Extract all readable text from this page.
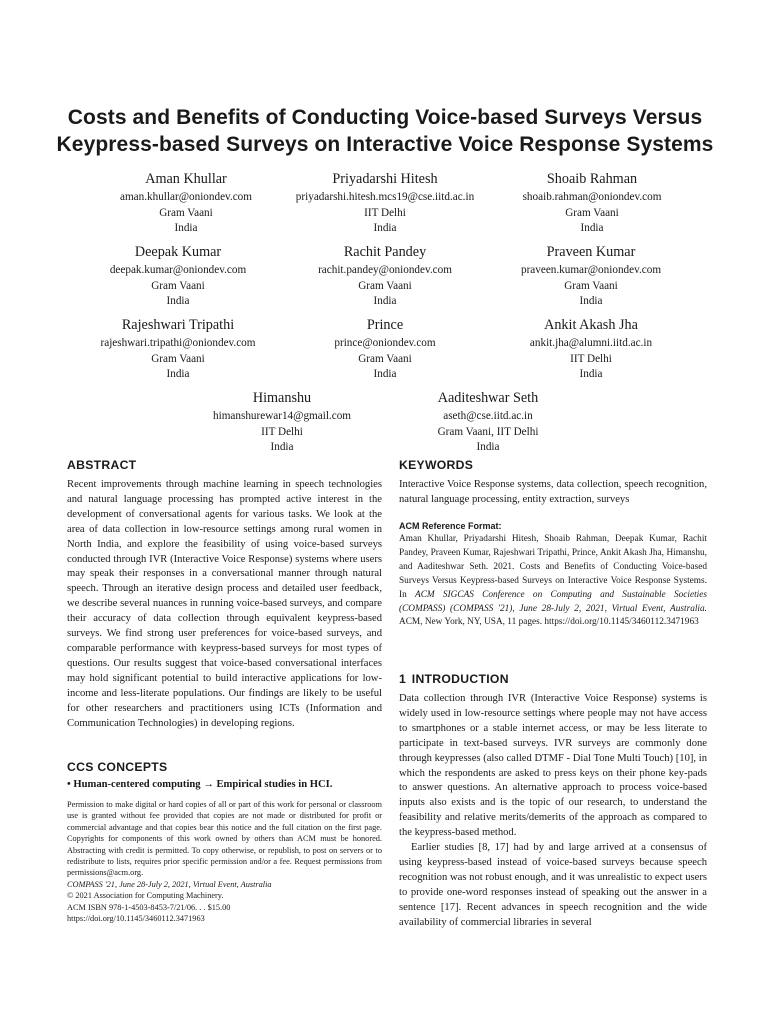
Costs and Benefits of Conducting Voice-based Surveys Versus
Keypress-based Surveys on Interactive Voice Response Systems
Aman Khullar
aman.khullar@oniondev.com
Gram Vaani
India
Priyadarshi Hitesh
priyadarshi.hitesh.mcs19@cse.iitd.ac.in
IIT Delhi
India
Shoaib Rahman
shoaib.rahman@oniondev.com
Gram Vaani
India
Deepak Kumar
deepak.kumar@oniondev.com
Gram Vaani
India
Rachit Pandey
rachit.pandey@oniondev.com
Gram Vaani
India
Praveen Kumar
praveen.kumar@oniondev.com
Gram Vaani
India
Rajeshwari Tripathi
rajeshwari.tripathi@oniondev.com
Gram Vaani
India
Prince
prince@oniondev.com
Gram Vaani
India
Ankit Akash Jha
ankit.jha@alumni.iitd.ac.in
IIT Delhi
India
Himanshu
himanshurewar14@gmail.com
IIT Delhi
India
Aaditeshwar Seth
aseth@cse.iitd.ac.in
Gram Vaani, IIT Delhi
India
ABSTRACT

Recent improvements through machine learning in speech technologies and natural language processing has prompted active interest in the development of conversational agents for various tasks. We look at the area of data collection in low-resource settings among rural women in North India, and explore the feasibility of using voice-based surveys conducted through IVR (Interactive Voice Response) systems where users may speak their responses in a conversational manner through natural speech. Through an iterative design process and detailed user feedback, we describe several nuances in running voice-based surveys, and compare their accuracy of data collection through equivalent keypress-based surveys. We find strong user preferences for voice-based surveys, and comparable performance with keypress-based surveys for most types of questions. Our results suggest that voice-based conversational interfaces may hold significant potential to build interactive applications for low-income and less-literate populations. Our findings are likely to be useful for other researchers and practitioners using ICTs (Information and Communication Technologies) in developing regions.

CCS CONCEPTS
• Human-centered computing → Empirical studies in HCI.

Permission to make digital or hard copies of all or part of this work for personal or classroom use is granted without fee provided that copies are not made or distributed for profit or commercial advantage and that copies bear this notice and the full citation on the first page. Copyrights for components of this work owned by others than ACM must be honored. Abstracting with credit is permitted. To copy otherwise, or republish, to post on servers or to redistribute to lists, requires prior specific permission and/or a fee. Request permissions from permissions@acm.org.

COMPASS '21, June 28-July 2, 2021, Virtual Event, Australia

© 2021 Association for Computing Machinery.

ACM ISBN 978-1-4503-8453-7/21/06. . . $15.00

https://doi.org/10.1145/3460112.3471963

KEYWORDS

Interactive Voice Response systems, data collection, speech recognition, natural language processing, entity extraction, surveys

ACM Reference Format:

Aman Khullar, Priyadarshi Hitesh, Shoaib Rahman, Deepak Kumar, Rachit Pandey, Praveen Kumar, Rajeshwari Tripathi, Prince, Ankit Akash Jha, Himanshu, and Aaditeshwar Seth. 2021. Costs and Benefits of Conducting Voice-based Surveys Versus Keypress-based Surveys on Interactive Voice Response Systems. In ACM SIGCAS Conference on Computing and Sustainable Societies (COMPASS) (COMPASS '21), June 28-July 2, 2021, Virtual Event, Australia. ACM, New York, NY, USA, 11 pages. https://doi.org/10.1145/3460112.3471963

1 INTRODUCTION

Data collection through IVR (Interactive Voice Response) systems is widely used in low-resource settings where people may not have access to smartphones or a stable internet access, or may be less literate to participate in text-based surveys. IVR surveys are commonly done through keypresses (also called DTMF - Dial Tone Multi Touch) [10], in which the respondents are asked to press keys on their phone key-pads to answer questions. An alternative approach to process voice-based inputs also exists and is the topic of our research, to understand the feasibility and relative merits/demerits of the approach as compared to the keypress-based method.

Earlier studies [8, 17] had by and large arrived at a consensus of using keypress-based instead of voice-based surveys because speech recognition was not robust enough, and it was unrealistic to expect users to provide one-word responses instead of speaking out the answer in a sentence [17]. Recent advances in speech recognition and the wide availability of commercial libraries in several
